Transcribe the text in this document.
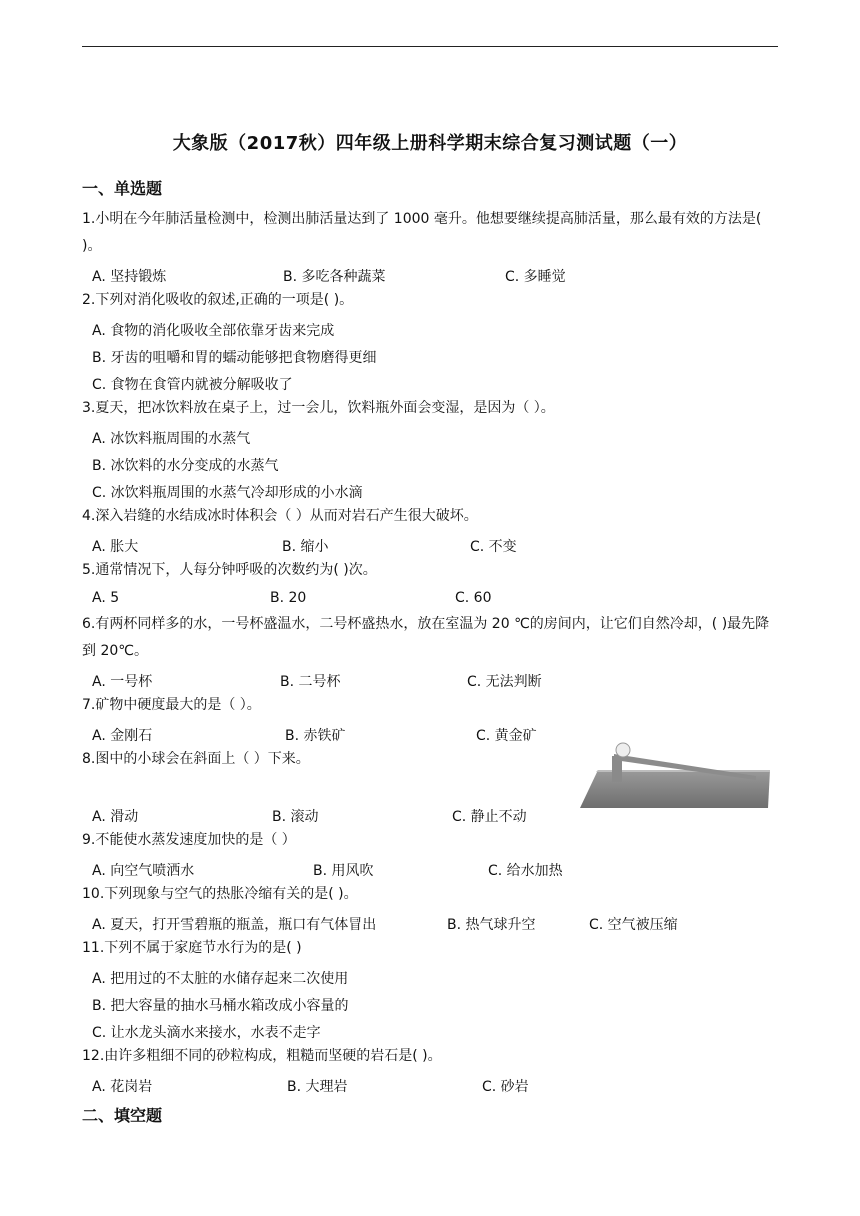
大象版（2017秋）四年级上册科学期末综合复习测试题（一）
一、单选题
1.小明在今年肺活量检测中，检测出肺活量达到了 1000 毫升。他想要继续提高肺活量，那么最有效的方法是( )。
A. 坚持锻炼	B. 多吃各种蔬菜	C. 多睡觉
2.下列对消化吸收的叙述,正确的一项是( )。
A. 食物的消化吸收全部依靠牙齿来完成
B. 牙齿的咀嚼和胃的蠕动能够把食物磨得更细
C. 食物在食管内就被分解吸收了
3.夏天，把冰饮料放在桌子上，过一会儿，饮料瓶外面会变湿，是因为（ ）。
A. 冰饮料瓶周围的水蒸气
B. 冰饮料的水分变成的水蒸气
C. 冰饮料瓶周围的水蒸气冷却形成的小水滴
4.深入岩缝的水结成冰时体积会（ ）从而对岩石产生很大破坏。
A. 胀大	B. 缩小	C. 不变
5.通常情况下，人每分钟呼吸的次数约为( )次。
A. 5	B. 20	C. 60
6.有两杯同样多的水，一号杯盛温水，二号杯盛热水，放在室温为 20 ℃的房间内，让它们自然冷却，( )最先降到 20℃。
A. 一号杯	B. 二号杯	C. 无法判断
7.矿物中硬度最大的是（ ）。
A. 金刚石	B. 赤铁矿	C. 黄金矿
8.图中的小球会在斜面上（ ）下来。
A. 滑动	B. 滚动	C. 静止不动
9.不能使水蒸发速度加快的是（ ）
A. 向空气喷洒水	B. 用风吹	C. 给水加热
10.下列现象与空气的热胀冷缩有关的是( )。
A. 夏天，打开雪碧瓶的瓶盖，瓶口有气体冒出	B. 热气球升空	C. 空气被压缩
11.下列不属于家庭节水行为的是( )
A. 把用过的不太脏的水储存起来二次使用
B. 把大容量的抽水马桶水箱改成小容量的
C. 让水龙头滴水来接水，水表不走字
12.由许多粗细不同的砂粒构成，粗糙而坚硬的岩石是( )。
A. 花岗岩	B. 大理岩	C. 砂岩
二、填空题
